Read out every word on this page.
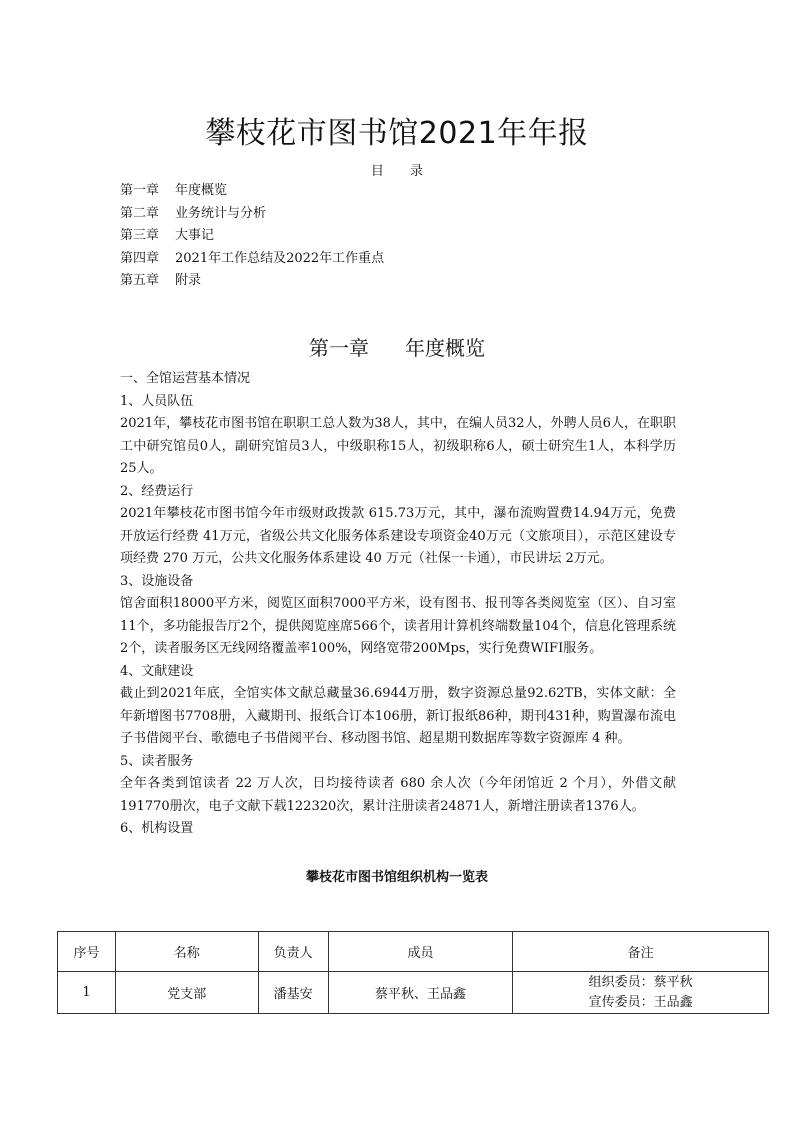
攀枝花市图书馆2021年年报
目 录
第一章 年度概览
第二章 业务统计与分析
第三章 大事记
第四章 2021年工作总结及2022年工作重点
第五章 附录
第一章 年度概览

一、全馆运营基本情况

1、人员队伍

2021年，攀枝花市图书馆在职职工总人数为38人，其中，在编人员32人，外聘人员6人，在职职工中研究馆员0人，副研究馆员3人，中级职称15人，初级职称6人，硕士研究生1人，本科学历25人。

2、经费运行

2021年攀枝花市图书馆今年市级财政拨款 615.73万元，其中，瀑布流购置费14.94万元，免费开放运行经费 41万元，省级公共文化服务体系建设专项资金40万元（文旅项目），示范区建设专项经费 270 万元，公共文化服务体系建设 40 万元（社保一卡通），市民讲坛 2万元。

3、设施设备

馆舍面积18000平方米，阅览区面积7000平方米，设有图书、报刊等各类阅览室（区）、自习室11个，多功能报告厅2个，提供阅览座席566个，读者用计算机终端数量104个，信息化管理系统2个，读者服务区无线网络覆盖率100%，网络宽带200Mps，实行免费WIFI服务。

4、文献建设

截止到2021年底，全馆实体文献总藏量36.6944万册，数字资源总量92.62TB，实体文献：全年新增图书7708册，入藏期刊、报纸合订本106册，新订报纸86种，期刊431种，购置瀑布流电子书借阅平台、歌德电子书借阅平台、移动图书馆、超星期刊数据库等数字资源库 4 种。

5、读者服务

全年各类到馆读者 22 万人次，日均接待读者 680 余人次（今年闭馆近 2 个月），外借文献191770册次，电子文献下载122320次，累计注册读者24871人，新增注册读者1376人。

6、机构设置

攀枝花市图书馆组织机构一览表
序号	名称	负责人	成员	备注
1	党支部	潘基安	蔡平秋、王品鑫	组织委员：蔡平秋
宣传委员：王品鑫
